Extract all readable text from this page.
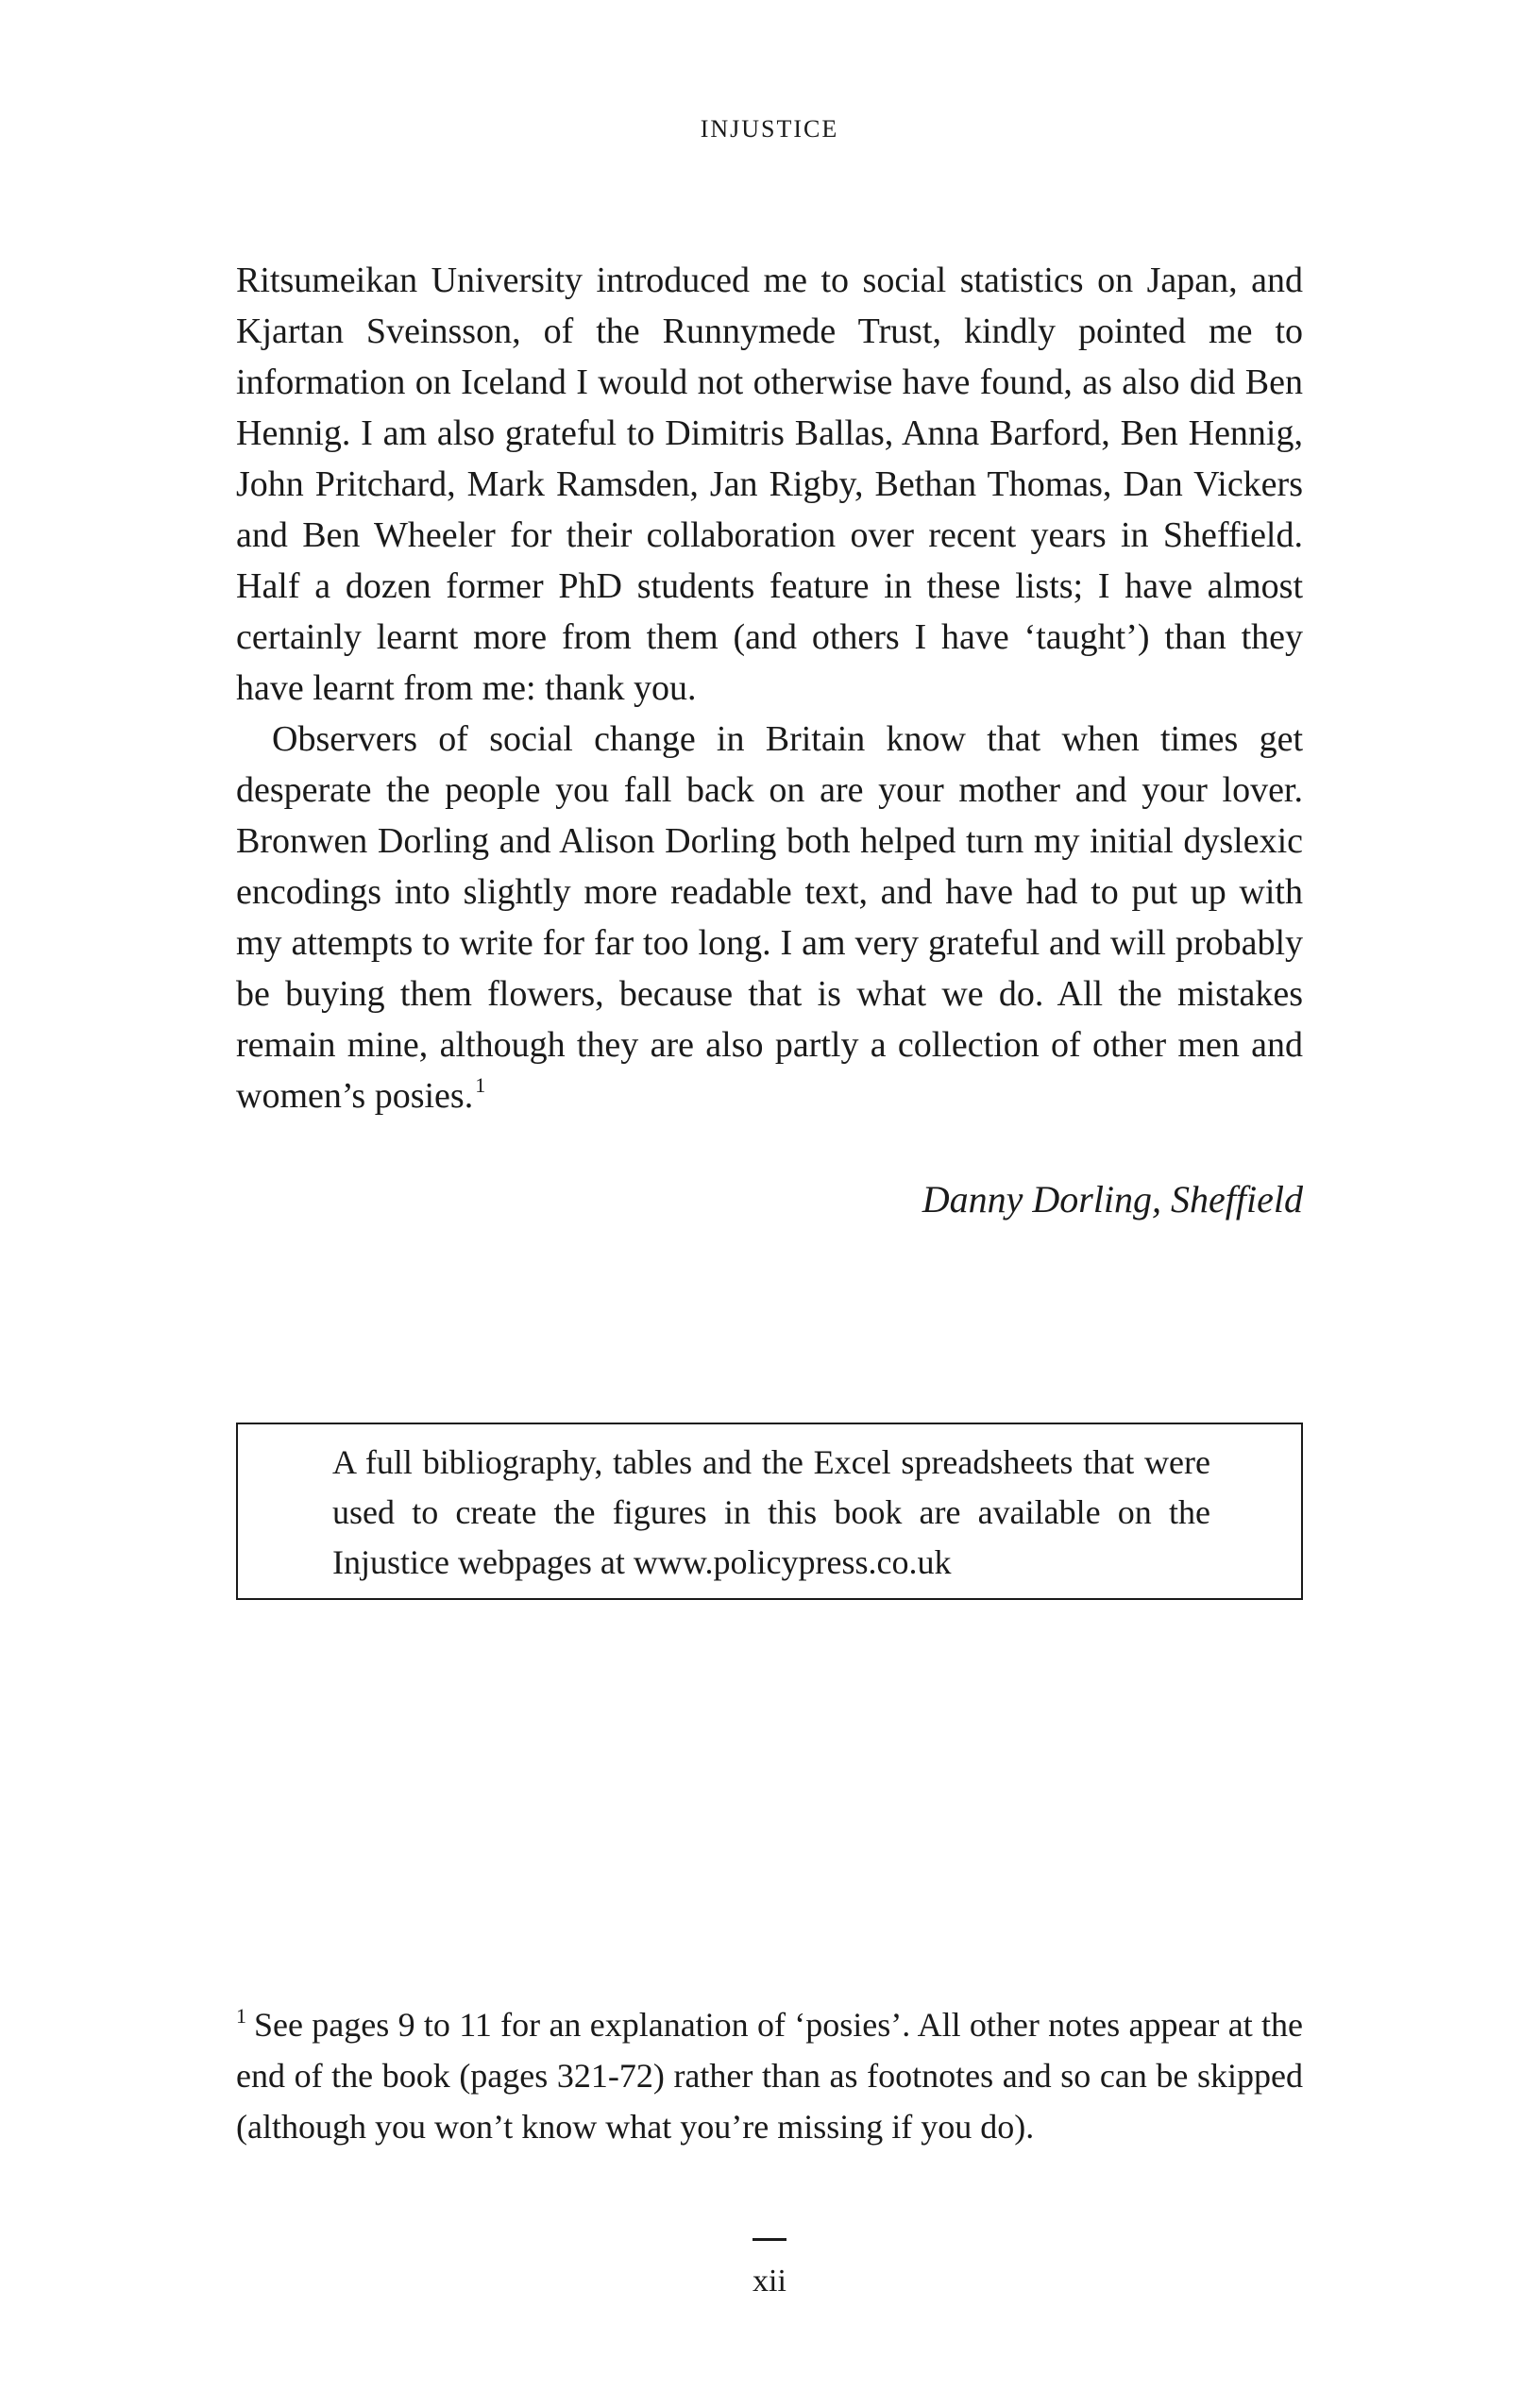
INJUSTICE

Ritsumeikan University introduced me to social statistics on Japan, and Kjartan Sveinsson, of the Runnymede Trust, kindly pointed me to information on Iceland I would not otherwise have found, as also did Ben Hennig. I am also grateful to Dimitris Ballas, Anna Barford, Ben Hennig, John Pritchard, Mark Ramsden, Jan Rigby, Bethan Thomas, Dan Vickers and Ben Wheeler for their collaboration over recent years in Sheffield. Half a dozen former PhD students feature in these lists; I have almost certainly learnt more from them (and others I have ‘taught’) than they have learnt from me: thank you.

Observers of social change in Britain know that when times get desperate the people you fall back on are your mother and your lover. Bronwen Dorling and Alison Dorling both helped turn my initial dyslexic encodings into slightly more readable text, and have had to put up with my attempts to write for far too long. I am very grateful and will probably be buying them flowers, because that is what we do. All the mistakes remain mine, although they are also partly a collection of other men and women’s posies.$^1$

Danny Dorling, Sheffield

A full bibliography, tables and the Excel spreadsheets that were used to create the figures in this book are available on the Injustice webpages at www.policypress.co.uk

$^1$ See pages 9 to 11 for an explanation of ‘posies’. All other notes appear at the end of the book (pages 321-72) rather than as footnotes and so can be skipped (although you won’t know what you’re missing if you do).

xii
